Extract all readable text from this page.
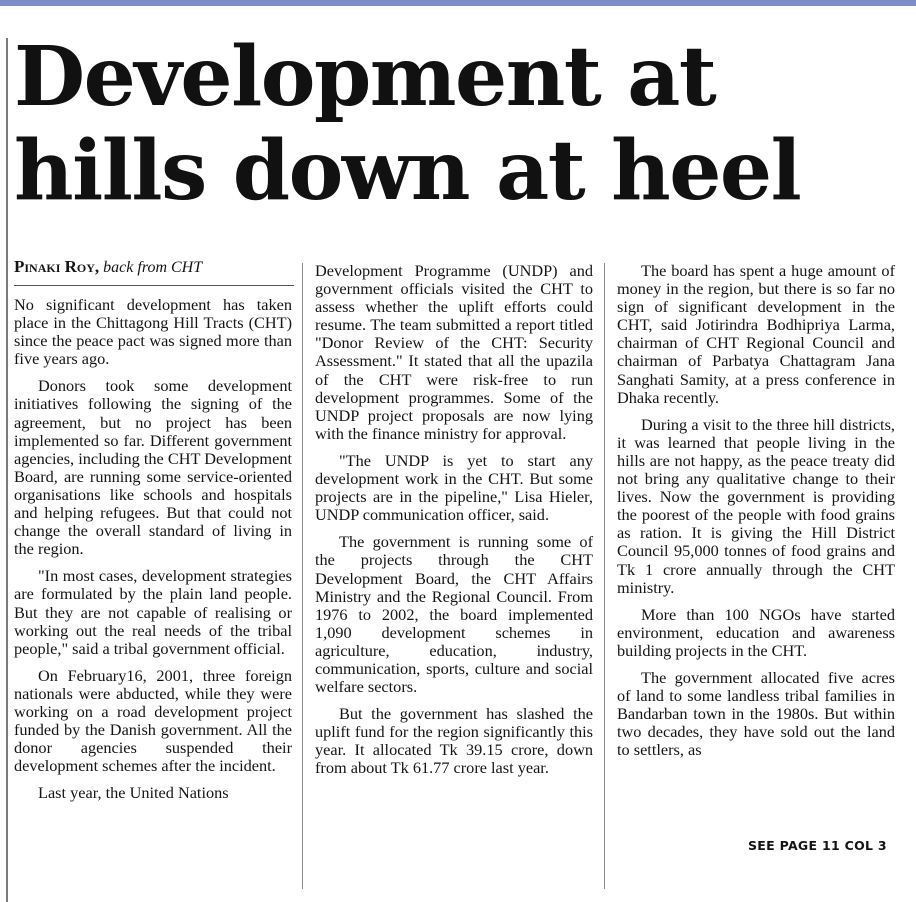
Development at hills down at heel
Pinaki Roy, back from CHT

No significant development has taken place in the Chittagong Hill Tracts (CHT) since the peace pact was signed more than five years ago.

Donors took some development initiatives following the signing of the agreement, but no project has been implemented so far. Different government agencies, including the CHT Development Board, are running some service-oriented organisations like schools and hospitals and helping refugees. But that could not change the overall standard of living in the region.

"In most cases, development strategies are formulated by the plain land people. But they are not capable of realising or working out the real needs of the tribal people," said a tribal government official.

On February16, 2001, three foreign nationals were abducted, while they were working on a road development project funded by the Danish government. All the donor agencies suspended their development schemes after the incident.

Last year, the United Nations

Development Programme (UNDP) and government officials visited the CHT to assess whether the uplift efforts could resume. The team submitted a report titled "Donor Review of the CHT: Security Assessment." It stated that all the upazila of the CHT were risk-free to run development programmes. Some of the UNDP project proposals are now lying with the finance ministry for approval.

"The UNDP is yet to start any development work in the CHT. But some projects are in the pipeline," Lisa Hieler, UNDP communication officer, said.

The government is running some of the projects through the CHT Development Board, the CHT Affairs Ministry and the Regional Council. From 1976 to 2002, the board implemented 1,090 development schemes in agriculture, education, industry, communication, sports, culture and social welfare sectors.

But the government has slashed the uplift fund for the region significantly this year. It allocated Tk 39.15 crore, down from about Tk 61.77 crore last year.

The board has spent a huge amount of money in the region, but there is so far no sign of significant development in the CHT, said Jotirindra Bodhipriya Larma, chairman of CHT Regional Council and chairman of Parbatya Chattagram Jana Sanghati Samity, at a press conference in Dhaka recently.

During a visit to the three hill districts, it was learned that people living in the hills are not happy, as the peace treaty did not bring any qualitative change to their lives. Now the government is providing the poorest of the people with food grains as ration. It is giving the Hill District Council 95,000 tonnes of food grains and Tk 1 crore annually through the CHT ministry.

More than 100 NGOs have started environment, education and awareness building projects in the CHT.

The government allocated five acres of land to some landless tribal families in Bandarban town in the 1980s. But within two decades, they have sold out the land to settlers, as

SEE PAGE 11 COL 3
